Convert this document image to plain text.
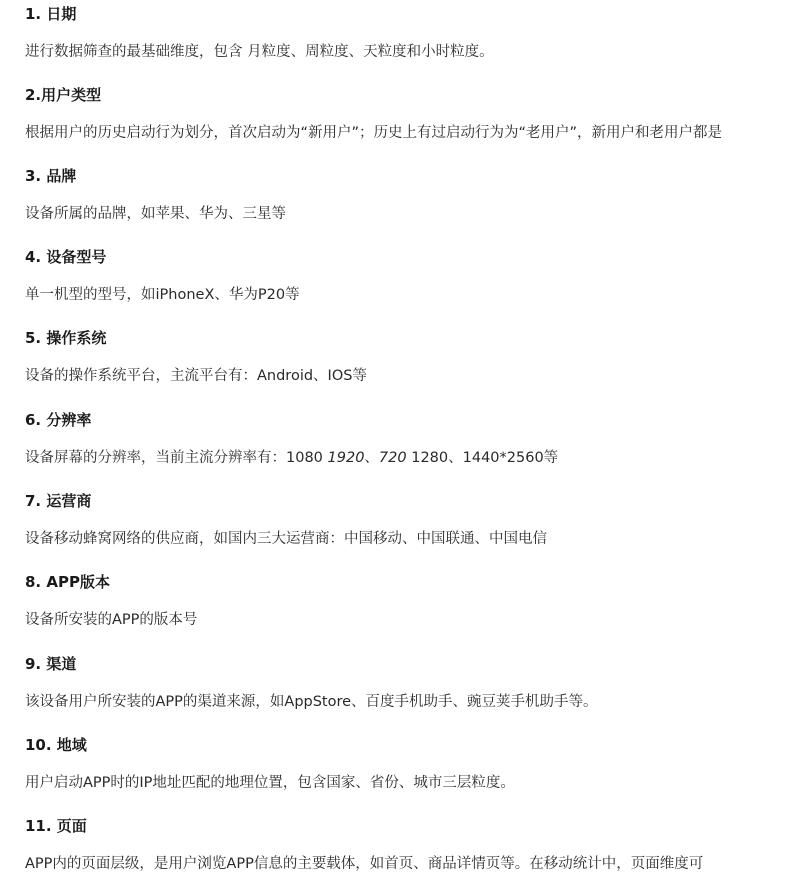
1. 日期

进行数据筛查的最基础维度，包含 月粒度、周粒度、天粒度和小时粒度。

2.用户类型

根据用户的历史启动行为划分，首次启动为“新用户”；历史上有过启动行为为“老用户”，新用户和老用户都是

3. 品牌

设备所属的品牌，如苹果、华为、三星等

4. 设备型号

单一机型的型号，如iPhoneX、华为P20等

5. 操作系统

设备的操作系统平台，主流平台有：Android、IOS等

6. 分辨率

设备屏幕的分辨率，当前主流分辨率有：1080 1920、720 1280、1440*2560等

7. 运营商

设备移动蜂窝网络的供应商，如国内三大运营商：中国移动、中国联通、中国电信

8. APP版本

设备所安装的APP的版本号

9. 渠道

该设备用户所安装的APP的渠道来源，如AppStore、百度手机助手、豌豆荚手机助手等。

10. 地域

用户启动APP时的IP地址匹配的地理位置，包含国家、省份、城市三层粒度。

11. 页面

APP内的页面层级，是用户浏览APP信息的主要载体，如首页、商品详情页等。在移动统计中，页面维度可
